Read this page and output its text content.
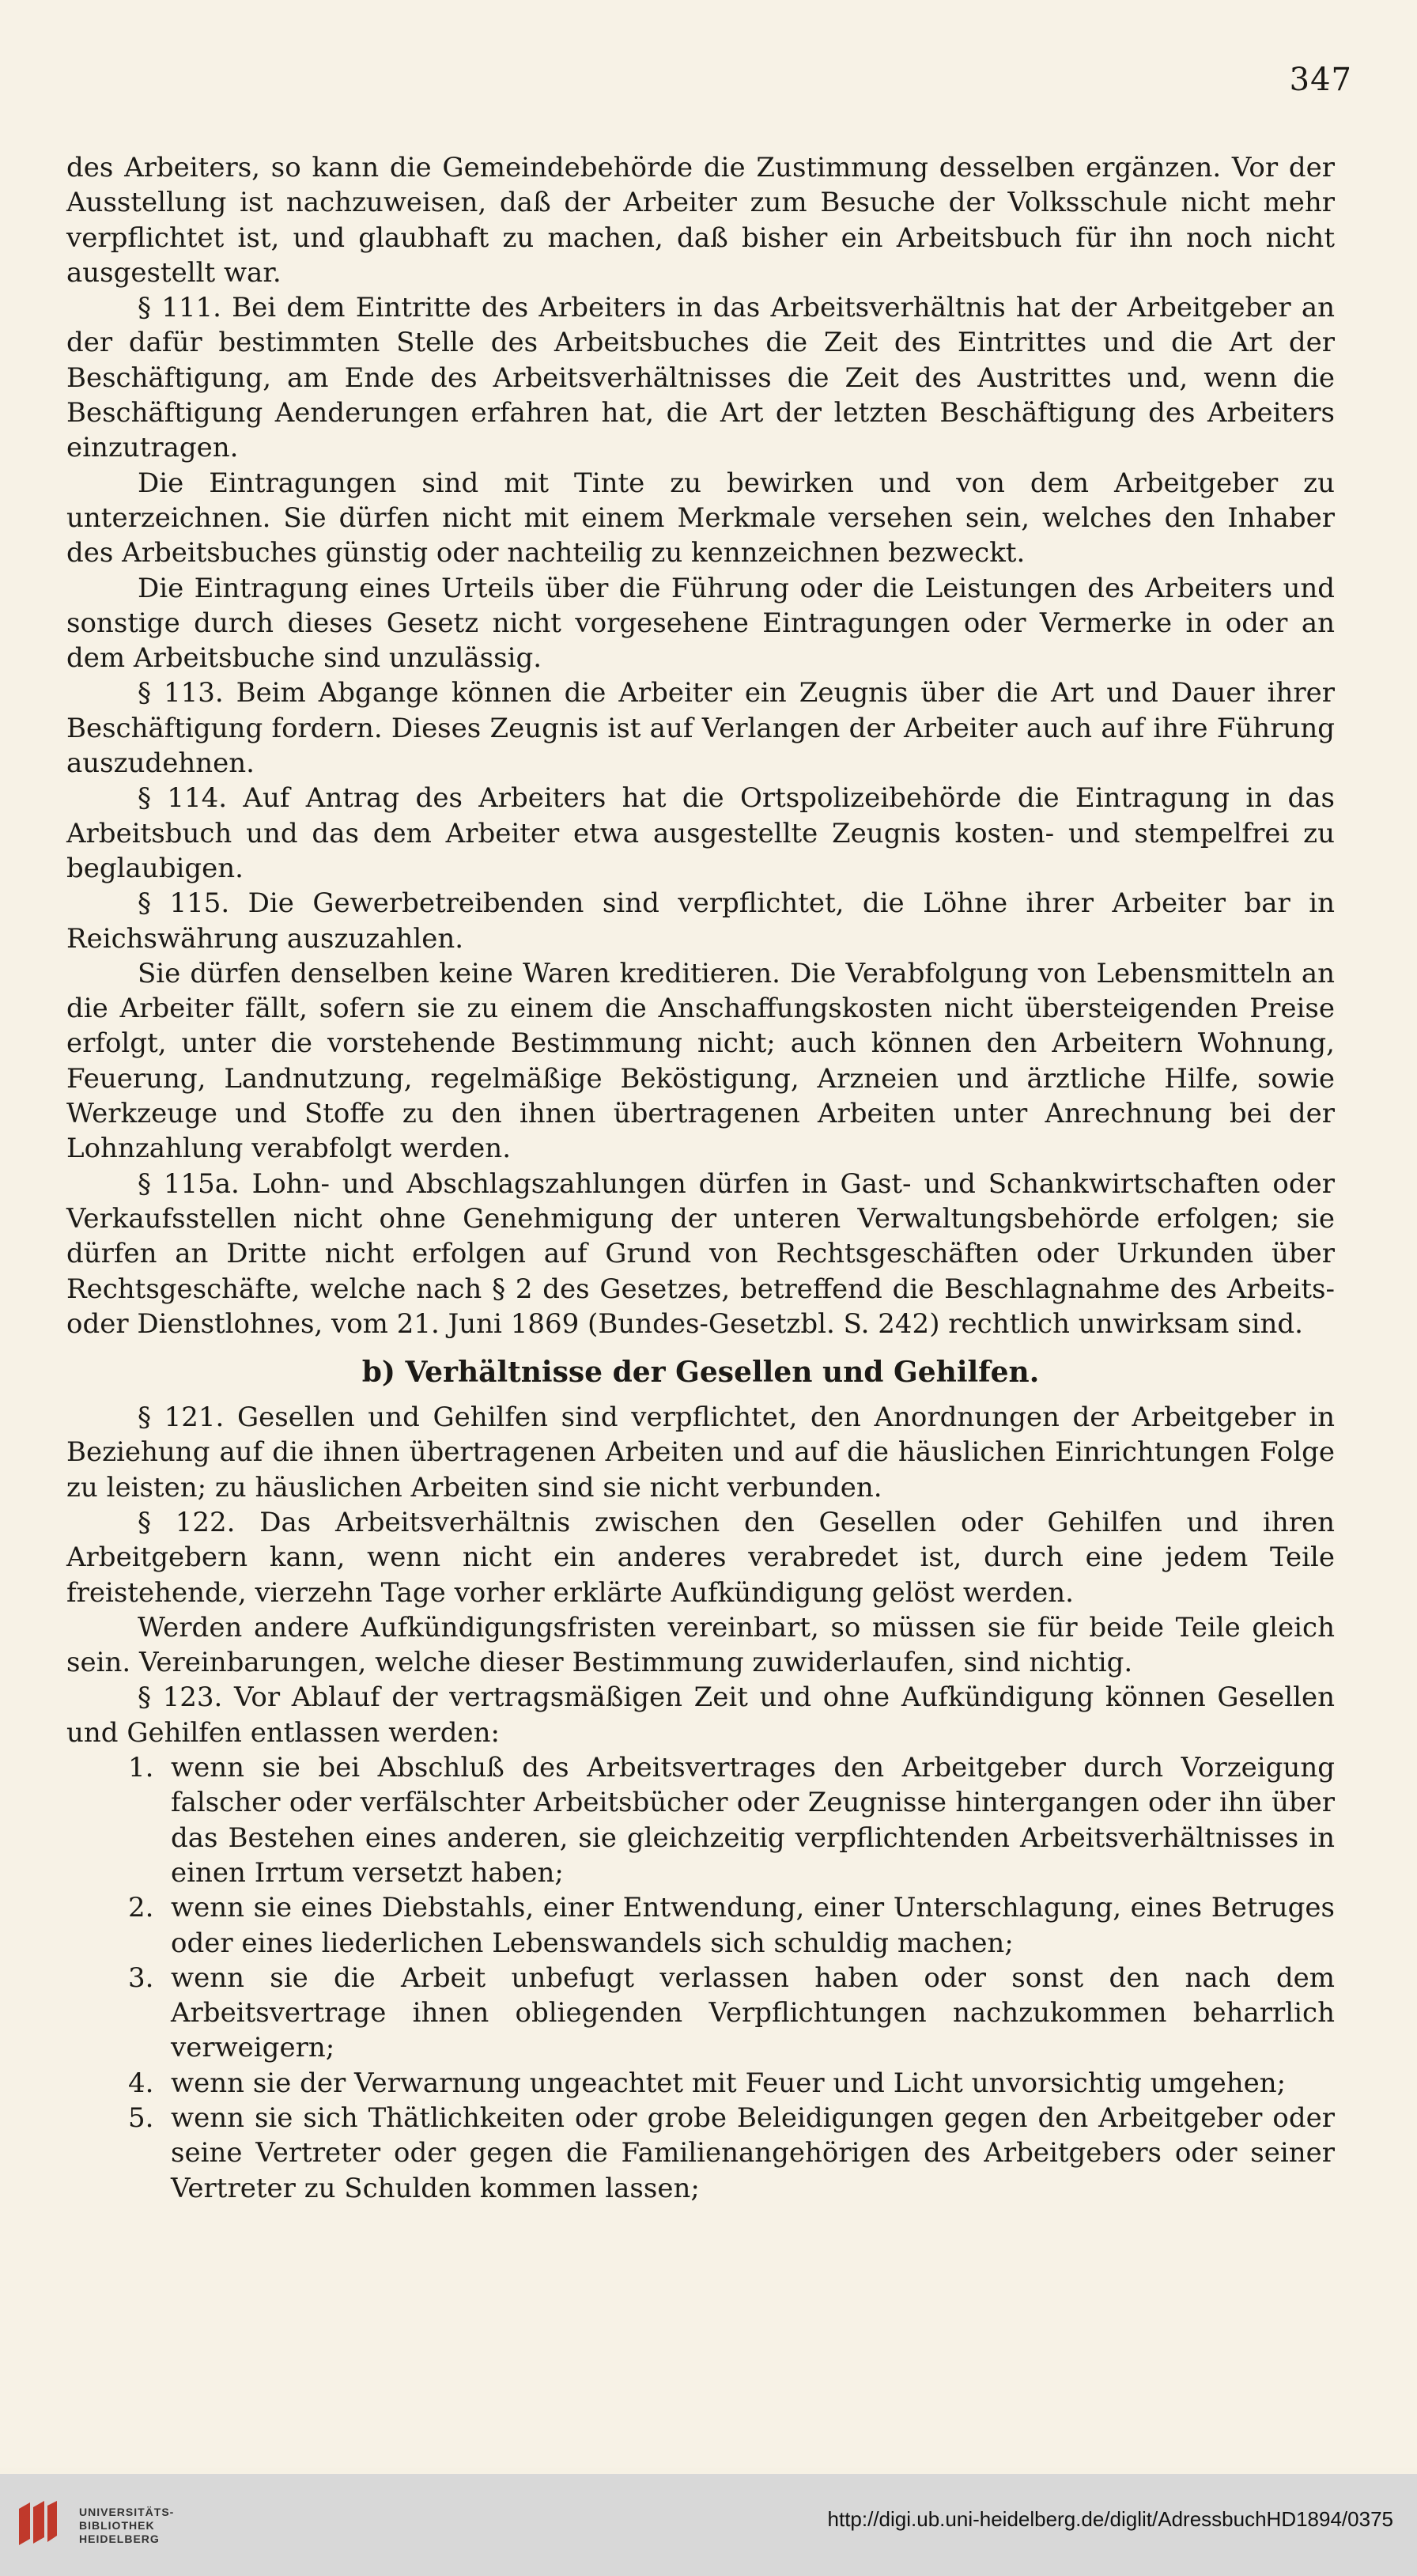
347

des Arbeiters, so kann die Gemeindebehörde die Zustimmung desselben ergänzen. Vor der Ausstellung ist nachzuweisen, daß der Arbeiter zum Besuche der Volksschule nicht mehr verpflichtet ist, und glaubhaft zu machen, daß bisher ein Arbeitsbuch für ihn noch nicht ausgestellt war.

§ 111. Bei dem Eintritte des Arbeiters in das Arbeitsverhältnis hat der Arbeitgeber an der dafür bestimmten Stelle des Arbeitsbuches die Zeit des Eintrittes und die Art der Beschäftigung, am Ende des Arbeitsverhältnisses die Zeit des Austrittes und, wenn die Beschäftigung Aenderungen erfahren hat, die Art der letzten Beschäftigung des Arbeiters einzutragen.

Die Eintragungen sind mit Tinte zu bewirken und von dem Arbeitgeber zu unterzeichnen. Sie dürfen nicht mit einem Merkmale versehen sein, welches den Inhaber des Arbeitsbuches günstig oder nachteilig zu kennzeichnen bezweckt.

Die Eintragung eines Urteils über die Führung oder die Leistungen des Arbeiters und sonstige durch dieses Gesetz nicht vorgesehene Eintragungen oder Vermerke in oder an dem Arbeitsbuche sind unzulässig.

§ 113. Beim Abgange können die Arbeiter ein Zeugnis über die Art und Dauer ihrer Beschäftigung fordern. Dieses Zeugnis ist auf Verlangen der Arbeiter auch auf ihre Führung auszudehnen.

§ 114. Auf Antrag des Arbeiters hat die Ortspolizeibehörde die Eintragung in das Arbeitsbuch und das dem Arbeiter etwa ausgestellte Zeugnis kosten- und stempelfrei zu beglaubigen.

§ 115. Die Gewerbetreibenden sind verpflichtet, die Löhne ihrer Arbeiter bar in Reichswährung auszuzahlen.

Sie dürfen denselben keine Waren kreditieren. Die Verabfolgung von Lebensmitteln an die Arbeiter fällt, sofern sie zu einem die Anschaffungskosten nicht übersteigenden Preise erfolgt, unter die vorstehende Bestimmung nicht; auch können den Arbeitern Wohnung, Feuerung, Landnutzung, regelmäßige Beköstigung, Arzneien und ärztliche Hilfe, sowie Werkzeuge und Stoffe zu den ihnen übertragenen Arbeiten unter Anrechnung bei der Lohnzahlung verabfolgt werden.

§ 115a. Lohn- und Abschlagszahlungen dürfen in Gast- und Schankwirtschaften oder Verkaufsstellen nicht ohne Genehmigung der unteren Verwaltungsbehörde erfolgen; sie dürfen an Dritte nicht erfolgen auf Grund von Rechtsgeschäften oder Urkunden über Rechtsgeschäfte, welche nach § 2 des Gesetzes, betreffend die Beschlagnahme des Arbeits- oder Dienstlohnes, vom 21. Juni 1869 (Bundes-Gesetzbl. S. 242) rechtlich unwirksam sind.

b) Verhältnisse der Gesellen und Gehilfen.

§ 121. Gesellen und Gehilfen sind verpflichtet, den Anordnungen der Arbeitgeber in Beziehung auf die ihnen übertragenen Arbeiten und auf die häuslichen Einrichtungen Folge zu leisten; zu häuslichen Arbeiten sind sie nicht verbunden.

§ 122. Das Arbeitsverhältnis zwischen den Gesellen oder Gehilfen und ihren Arbeitgebern kann, wenn nicht ein anderes verabredet ist, durch eine jedem Teile freistehende, vierzehn Tage vorher erklärte Aufkündigung gelöst werden.

Werden andere Aufkündigungsfristen vereinbart, so müssen sie für beide Teile gleich sein. Vereinbarungen, welche dieser Bestimmung zuwiderlaufen, sind nichtig.

§ 123. Vor Ablauf der vertragsmäßigen Zeit und ohne Aufkündigung können Gesellen und Gehilfen entlassen werden:

1. wenn sie bei Abschluß des Arbeitsvertrages den Arbeitgeber durch Vorzeigung falscher oder verfälschter Arbeitsbücher oder Zeugnisse hintergangen oder ihn über das Bestehen eines anderen, sie gleichzeitig verpflichtenden Arbeitsverhältnisses in einen Irrtum versetzt haben;
2. wenn sie eines Diebstahls, einer Entwendung, einer Unterschlagung, eines Betruges oder eines liederlichen Lebenswandels sich schuldig machen;
3. wenn sie die Arbeit unbefugt verlassen haben oder sonst den nach dem Arbeitsvertrage ihnen obliegenden Verpflichtungen nachzukommen beharrlich verweigern;
4. wenn sie der Verwarnung ungeachtet mit Feuer und Licht unvorsichtig umgehen;
5. wenn sie sich Thätlichkeiten oder grobe Beleidigungen gegen den Arbeitgeber oder seine Vertreter oder gegen die Familienangehörigen des Arbeitgebers oder seiner Vertreter zu Schulden kommen lassen;
UNIVERSITÄTS-
BIBLIOTHEK
HEIDELBERG
http://digi.ub.uni-heidelberg.de/diglit/AdressbuchHD1894/0375
